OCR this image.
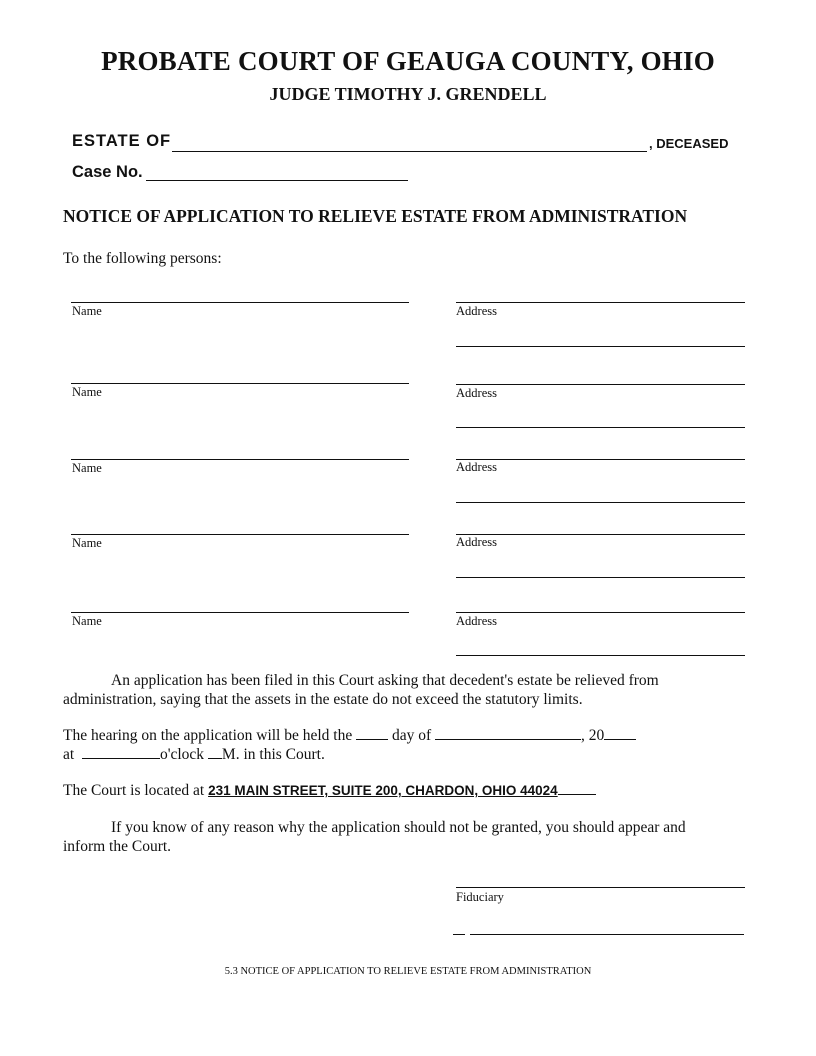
PROBATE COURT OF GEAUGA COUNTY, OHIO
JUDGE TIMOTHY J. GRENDELL
ESTATE OF	, DECEASED
Case No.
NOTICE OF APPLICATION TO RELIEVE ESTATE FROM ADMINISTRATION
To the following persons:
Name	Address
Name	Address
Name	Address
Name	Address
Name	Address
An application has been filed in this Court asking that decedent's estate be relieved from
administration, saying that the assets in the estate do not exceed the statutory limits.
The hearing on the application will be held the	day of	, 20
at	o'clock M. in this Court.
The Court is located at 231 MAIN STREET, SUITE 200, CHARDON, OHIO 44024
If you know of any reason why the application should not be granted, you should appear and
inform the Court.
Fiduciary
5.3 NOTICE OF APPLICATION TO RELIEVE ESTATE FROM ADMINISTRATION
